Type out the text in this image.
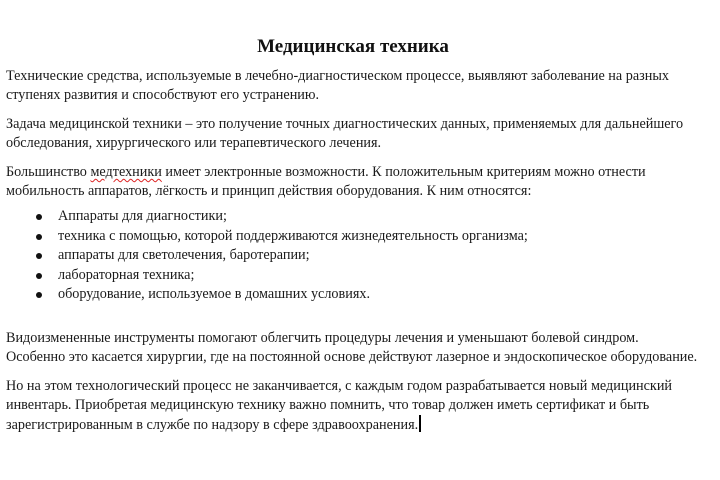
Медицинская техника

Технические средства, используемые в лечебно-диагностическом процессе, выявляют заболевание на разных ступенях развития и способствуют его устранению.

Задача медицинской техники – это получение точных диагностических данных, применяемых для дальнейшего обследования, хирургического или терапевтического лечения.

Большинство медтехники имеет электронные возможности. К положительным критериям можно отнести мобильность аппаратов, лёгкость и принцип действия оборудования. К ним относятся:

Аппараты для диагностики;
техника с помощью, которой поддерживаются жизнедеятельность организма;
аппараты для светолечения, баротерапии;
лабораторная техника;
оборудование, используемое в домашних условиях.

Видоизмененные инструменты помогают облегчить процедуры лечения и уменьшают болевой синдром. Особенно это касается хирургии, где на постоянной основе действуют лазерное и эндоскопическое оборудование.

Но на этом технологический процесс не заканчивается, с каждым годом разрабатывается новый медицинский инвентарь. Приобретая медицинскую технику важно помнить, что товар должен иметь сертификат и быть зарегистрированным в службе по надзору в сфере здравоохранения.
